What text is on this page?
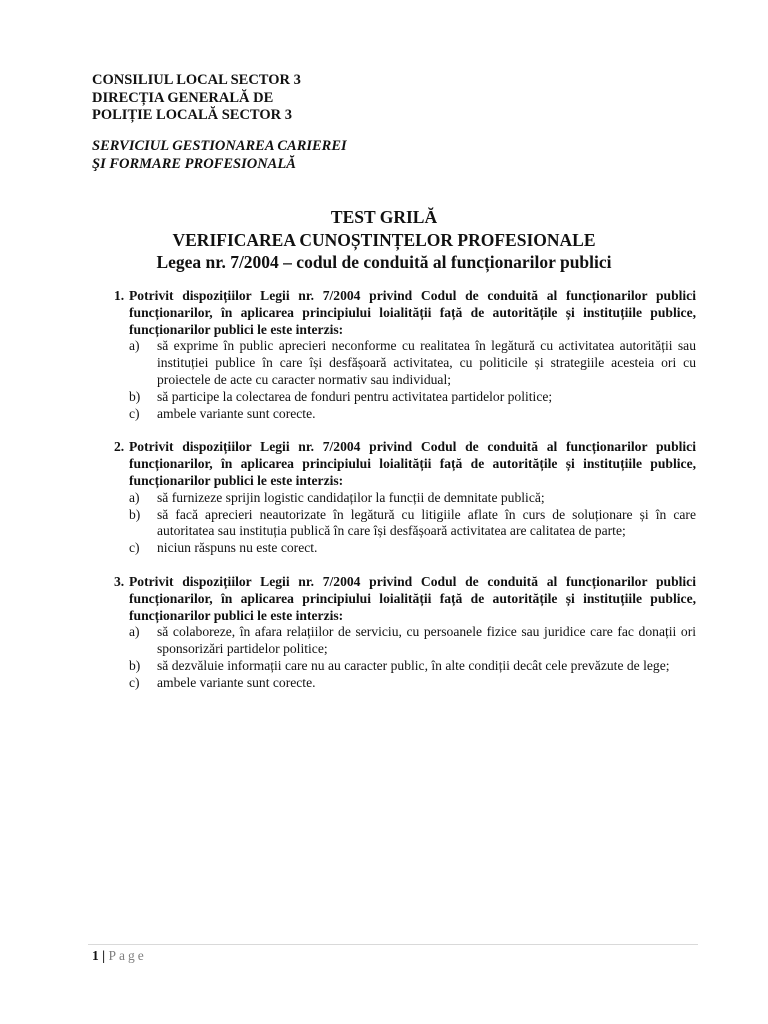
CONSILIUL LOCAL SECTOR 3
DIRECȚIA GENERALĂ DE
POLIȚIE LOCALĂ SECTOR 3
SERVICIUL GESTIONAREA CARIEREI
ŞI FORMARE PROFESIONALĂ
TEST GRILĂ
VERIFICAREA CUNOȘTINȚELOR PROFESIONALE
Legea nr. 7/2004 – codul de conduită al funcționarilor publici
1. Potrivit dispozițiilor Legii nr. 7/2004 privind Codul de conduită al funcționarilor publici funcționarilor, în aplicarea principiului loialității față de autoritățile și instituțiile publice, funcționarilor publici le este interzis:
a) să exprime în public aprecieri neconforme cu realitatea în legătură cu activitatea autorității sau instituției publice în care își desfășoară activitatea, cu politicile și strategiile acesteia ori cu proiectele de acte cu caracter normativ sau individual;
b) să participe la colectarea de fonduri pentru activitatea partidelor politice;
c) ambele variante sunt corecte.
2. Potrivit dispozițiilor Legii nr. 7/2004 privind Codul de conduită al funcționarilor publici funcționarilor, în aplicarea principiului loialității față de autoritățile și instituțiile publice, funcționarilor publici le este interzis:
a) să furnizeze sprijin logistic candidaților la funcții de demnitate publică;
b) să facă aprecieri neautorizate în legătură cu litigiile aflate în curs de soluționare și în care autoritatea sau instituția publică în care își desfășoară activitatea are calitatea de parte;
c) niciun răspuns nu este corect.
3. Potrivit dispozițiilor Legii nr. 7/2004 privind Codul de conduită al funcționarilor publici funcționarilor, în aplicarea principiului loialității față de autoritățile și instituțiile publice, funcționarilor publici le este interzis:
a) să colaboreze, în afara relațiilor de serviciu, cu persoanele fizice sau juridice care fac donații ori sponsorizări partidelor politice;
b) să dezvăluie informații care nu au caracter public, în alte condiții decât cele prevăzute de lege;
c) ambele variante sunt corecte.
1 | Page
